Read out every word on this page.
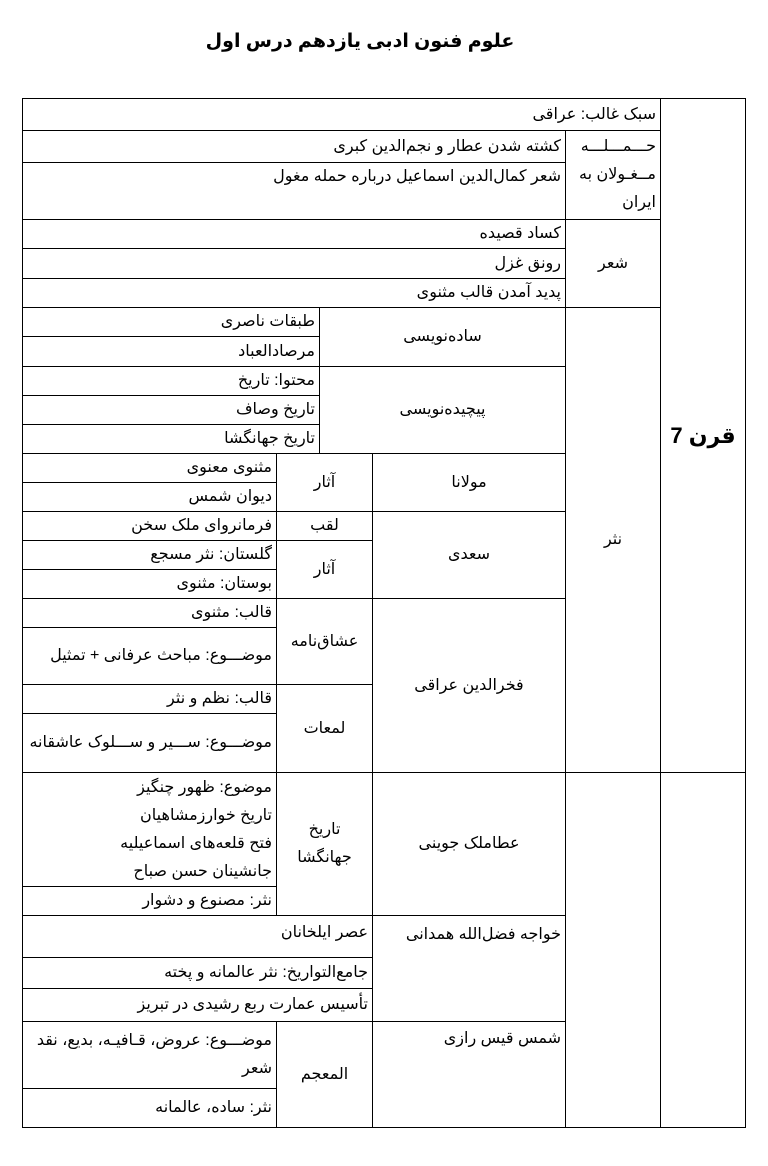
علوم فنون ادبی یازدهم درس اول
قرن 7
سبک غالب: عراقی
حـــمـــلـــه مــغـولان به ایران
کشته شدن عطار و نجم‌الدین کبری
شعر کمال‌الدین اسماعیل درباره حمله مغول
شعر
کساد قصیده
رونق غزل
پدید آمدن قالب مثنوی
نثر
ساده‌نویسی
طبقات ناصری
مرصادالعباد
پیچیده‌نویسی
محتوا: تاریخ
تاریخ وصاف
تاریخ جهانگشا
مولانا
آثار
مثنوی معنوی
دیوان شمس
سعدی
لقب
فرمانروای ملک سخن
آثار
گلستان: نثر مسجع
بوستان: مثنوی
فخرالدین عراقی
عشاق‌نامه
قالب: مثنوی
موضـــوع: مباحث عرفانی + تمثیل
لمعات
قالب: نظم و نثر
موضـــوع: ســـیر و ســـلوک عاشقانه
عطاملک جوینی
تاریخ جهانگشا
موضوع: ظهور چنگیز
تاریخ خوارزمشاهیان
فتح قلعه‌های اسماعیلیه
جانشینان حسن صباح
نثر: مصنوع و دشوار
خواجه فضل‌الله همدانی
عصر ایلخانان
جامع‌التواریخ: نثر عالمانه و پخته
تأسیس عمارت ربع رشیدی در تبریز
شمس قیس رازی
المعجم
موضـــوع: عروض، قـافیـه، بدیع، نقد شعر
نثر: ساده، عالمانه
